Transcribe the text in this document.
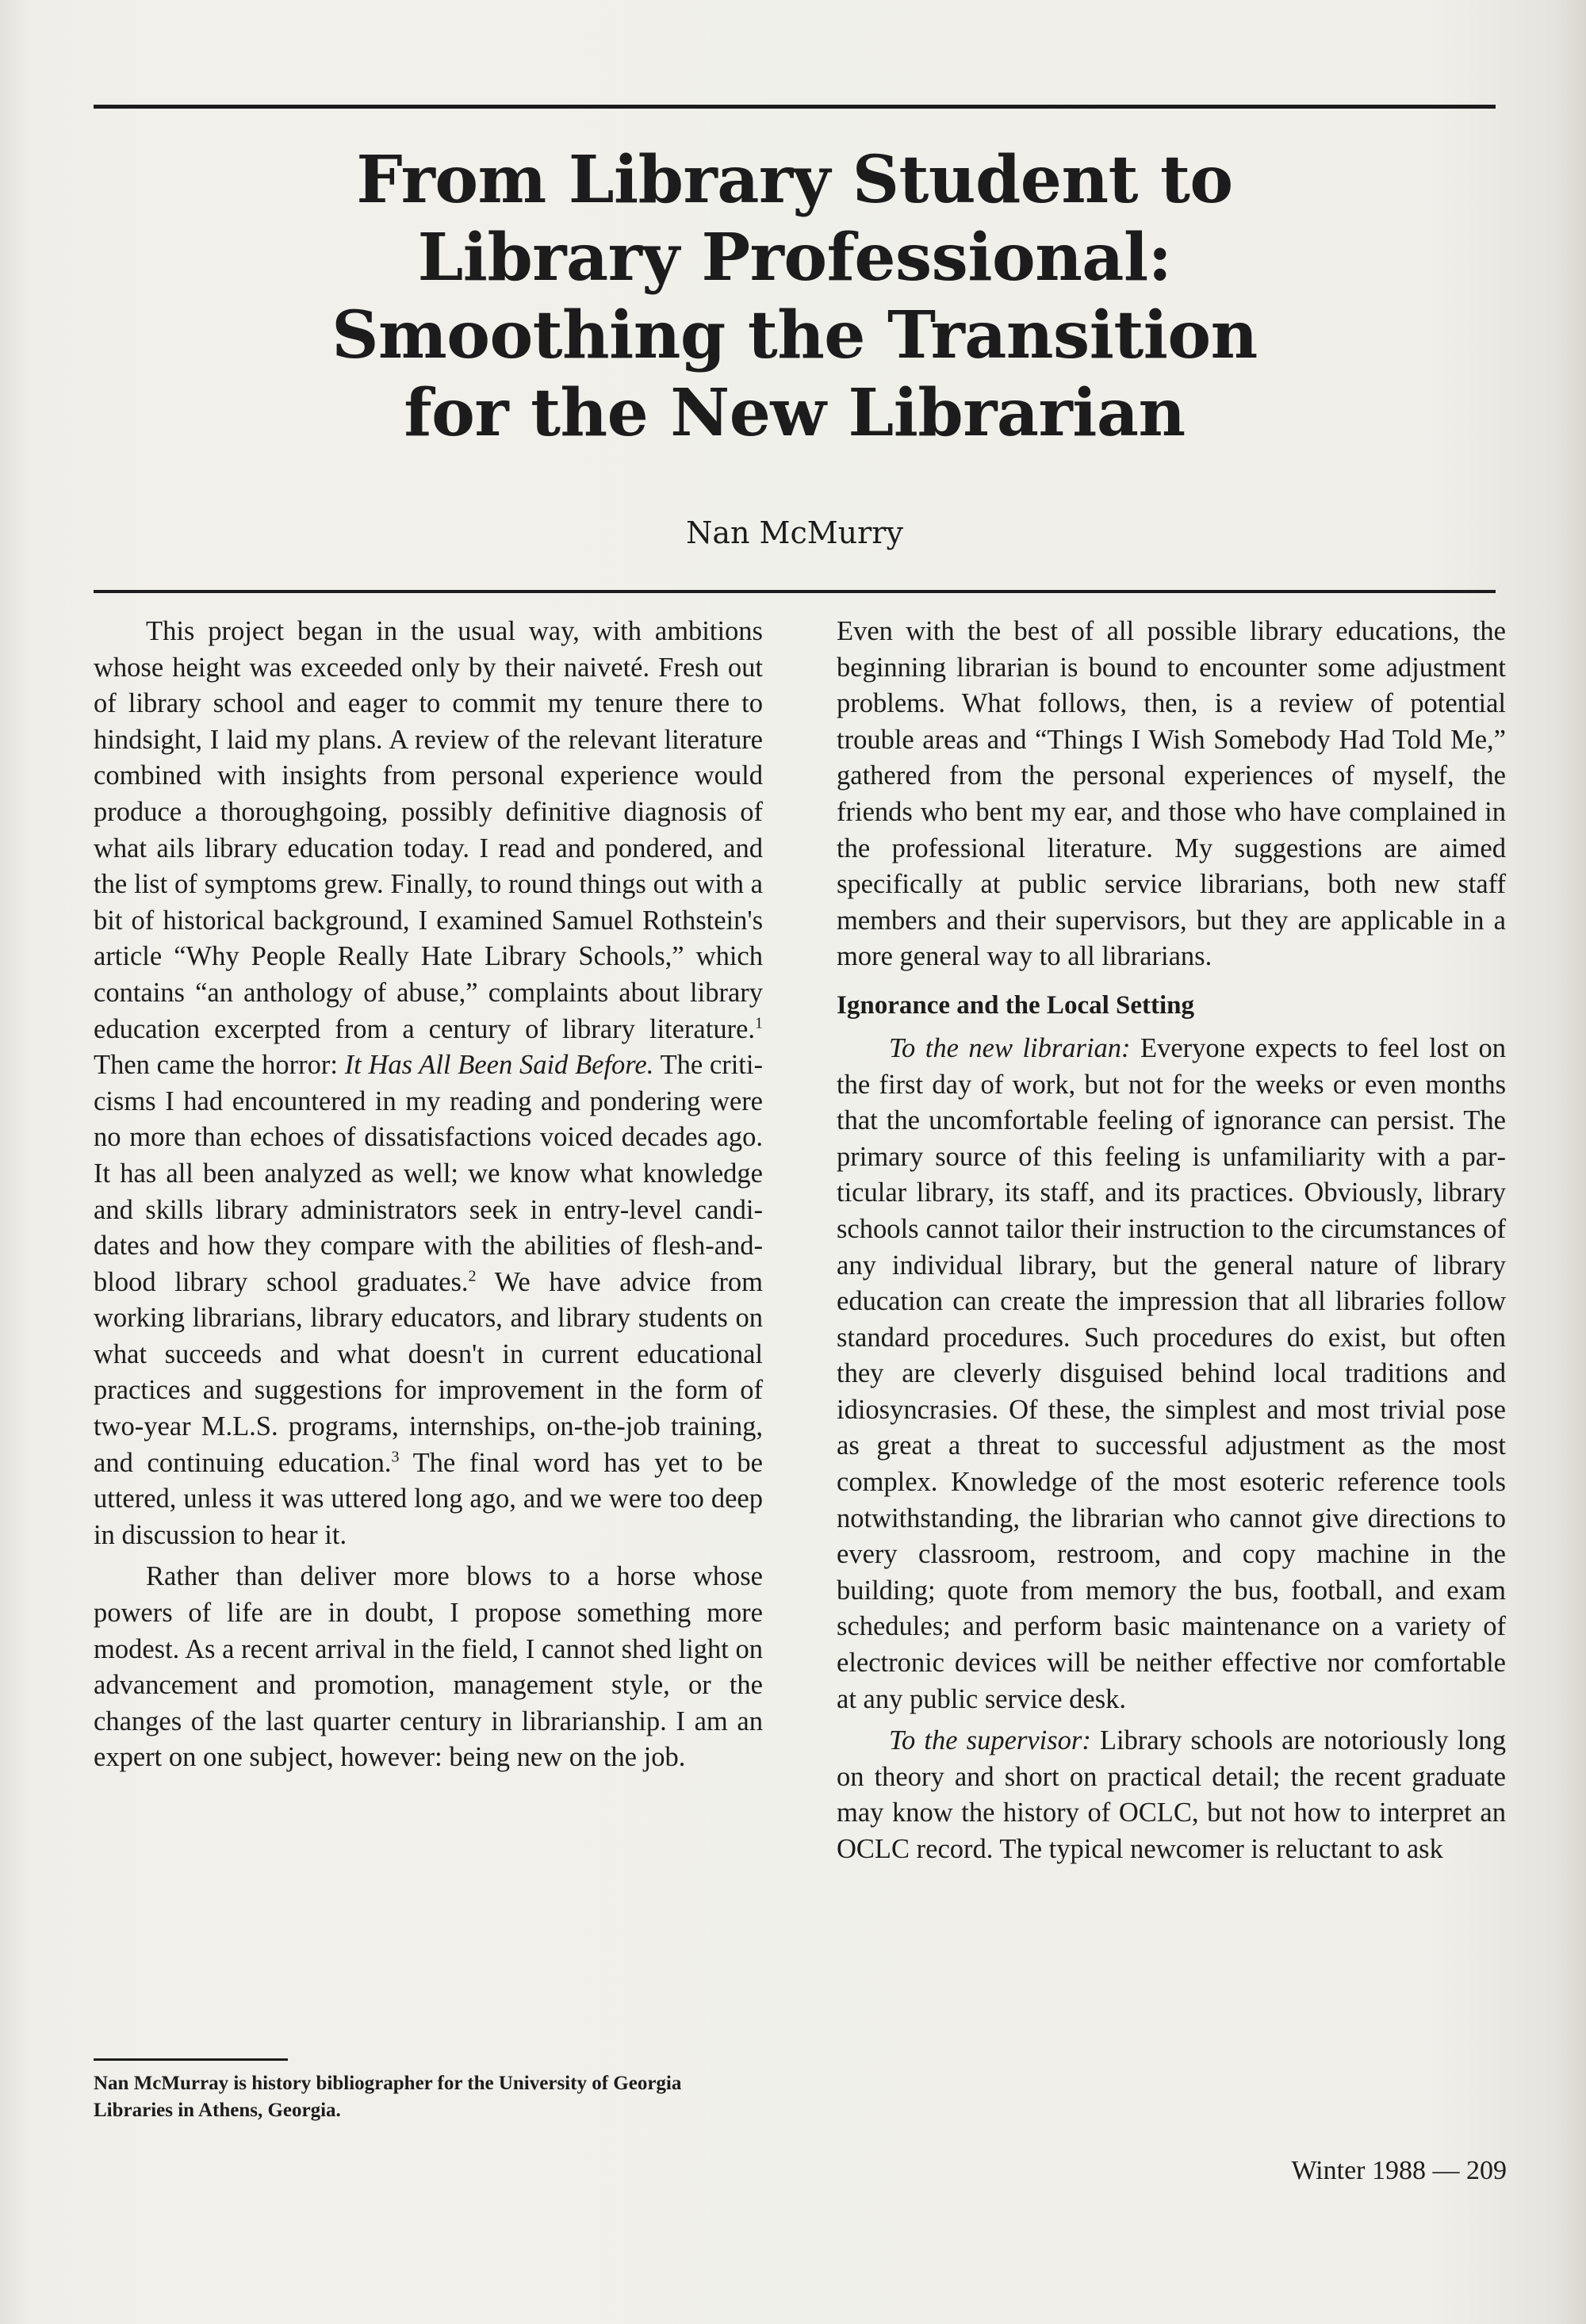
From Library Student to
Library Professional:
Smoothing the Transition
for the New Librarian
Nan McMurry

This project began in the usual way, with ambitions whose height was exceeded only by their naiveté. Fresh out of library school and eager to commit my tenure there to hindsight, I laid my plans. A review of the relevant literature combined with insights from personal experience would produce a thoroughgoing, possibly definitive diagnosis of what ails library education today. I read and pondered, and the list of symptoms grew. Finally, to round things out with a bit of historical background, I examined Samuel Rothstein's article “Why People Really Hate Library Schools,” which contains “an anthology of abuse,” complaints about library education excerpted from a century of library literature.$^1$ Then came the horror: It Has All Been Said Before. The criticisms I had encountered in my reading and pondering were no more than echoes of dissatisfactions voiced decades ago. It has all been analyzed as well; we know what knowledge and skills library administrators seek in entry-level candidates and how they compare with the abilities of flesh-and-blood library school graduates.$^2$ We have advice from working librarians, library educators, and library students on what succeeds and what doesn't in current educational practices and suggestions for improvement in the form of two-year M.L.S. programs, internships, on-the-job training, and continuing education.$^3$ The final word has yet to be uttered, unless it was uttered long ago, and we were too deep in discussion to hear it.

Rather than deliver more blows to a horse whose powers of life are in doubt, I propose something more modest. As a recent arrival in the field, I cannot shed light on advancement and promotion, management style, or the changes of the last quarter century in librarianship. I am an expert on one subject, however: being new on the job.

Even with the best of all possible library educations, the beginning librarian is bound to encounter some adjustment problems. What follows, then, is a review of potential trouble areas and “Things I Wish Somebody Had Told Me,” gathered from the personal experiences of myself, the friends who bent my ear, and those who have complained in the professional literature. My suggestions are aimed specifically at public service librarians, both new staff members and their supervisors, but they are applicable in a more general way to all librarians.

Ignorance and the Local Setting

To the new librarian: Everyone expects to feel lost on the first day of work, but not for the weeks or even months that the uncomfortable feeling of ignorance can persist. The primary source of this feeling is unfamiliarity with a particular library, its staff, and its practices. Obviously, library schools cannot tailor their instruction to the circumstances of any individual library, but the general nature of library education can create the impression that all libraries follow standard procedures. Such procedures do exist, but often they are cleverly disguised behind local traditions and idiosyncrasies. Of these, the simplest and most trivial pose as great a threat to successful adjustment as the most complex. Knowledge of the most esoteric reference tools notwithstanding, the librarian who cannot give directions to every classroom, restroom, and copy machine in the building; quote from memory the bus, football, and exam schedules; and perform basic maintenance on a variety of electronic devices will be neither effective nor comfortable at any public service desk.

To the supervisor: Library schools are notoriously long on theory and short on practical detail; the recent graduate may know the history of OCLC, but not how to interpret an OCLC record. The typical newcomer is reluctant to ask

Nan McMurray is history bibliographer for the University of Georgia Libraries in Athens, Georgia.
Winter 1988 — 209
